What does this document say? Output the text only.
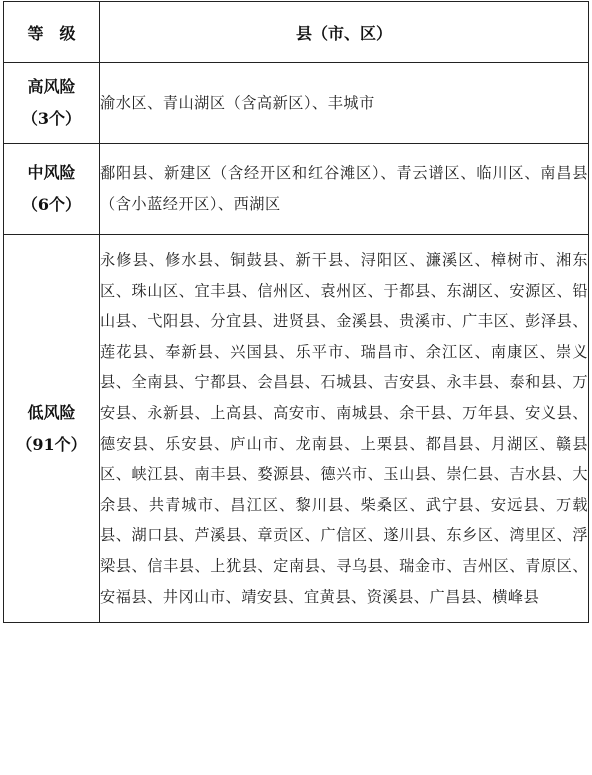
等　级	县（市、区）

高风险
（3个）	渝水区、青山湖区（含高新区）、丰城市

中风险
（6个）	鄱阳县、新建区（含经开区和红谷滩区）、青云谱区、临川区、南昌县（含小蓝经开区）、西湖区

低风险
（91个）	永修县、修水县、铜鼓县、新干县、浔阳区、濂溪区、樟树市、湘东区、珠山区、宜丰县、信州区、袁州区、于都县、东湖区、安源区、铅山县、弋阳县、分宜县、进贤县、金溪县、贵溪市、广丰区、彭泽县、莲花县、奉新县、兴国县、乐平市、瑞昌市、余江区、南康区、崇义县、全南县、宁都县、会昌县、石城县、吉安县、永丰县、泰和县、万安县、永新县、上高县、高安市、南城县、余干县、万年县、安义县、德安县、乐安县、庐山市、龙南县、上栗县、都昌县、月湖区、赣县区、峡江县、南丰县、婺源县、德兴市、玉山县、崇仁县、吉水县、大余县、共青城市、昌江区、黎川县、柴桑区、武宁县、安远县、万载县、湖口县、芦溪县、章贡区、广信区、遂川县、东乡区、湾里区、浮梁县、信丰县、上犹县、定南县、寻乌县、瑞金市、吉州区、青原区、安福县、井冈山市、靖安县、宜黄县、资溪县、广昌县、横峰县
